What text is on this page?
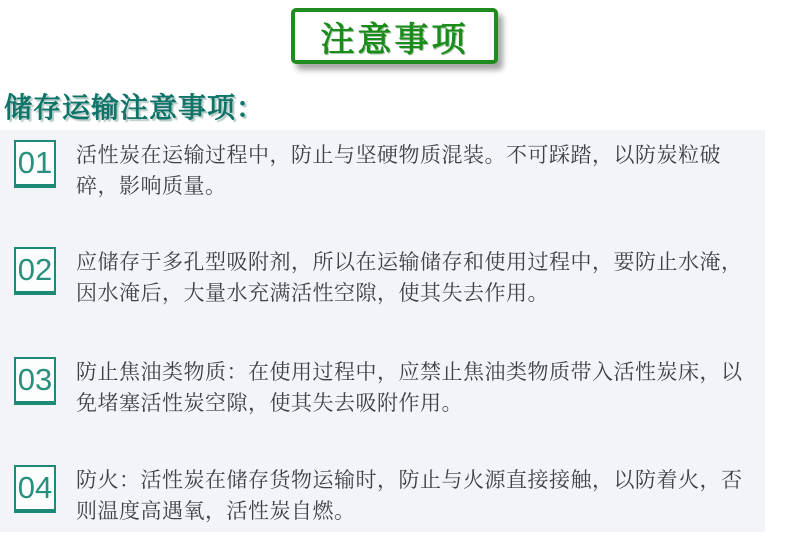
注意事项
储存运输注意事项：
01 活性炭在运输过程中，防止与坚硬物质混装。不可踩踏，以防炭粒破碎，影响质量。

02 应储存于多孔型吸附剂，所以在运输储存和使用过程中，要防止水淹，因水淹后，大量水充满活性空隙，使其失去作用。

03 防止焦油类物质：在使用过程中，应禁止焦油类物质带入活性炭床，以免堵塞活性炭空隙，使其失去吸附作用。

04 防火：活性炭在储存货物运输时，防止与火源直接接触，以防着火，否则温度高遇氧，活性炭自燃。
